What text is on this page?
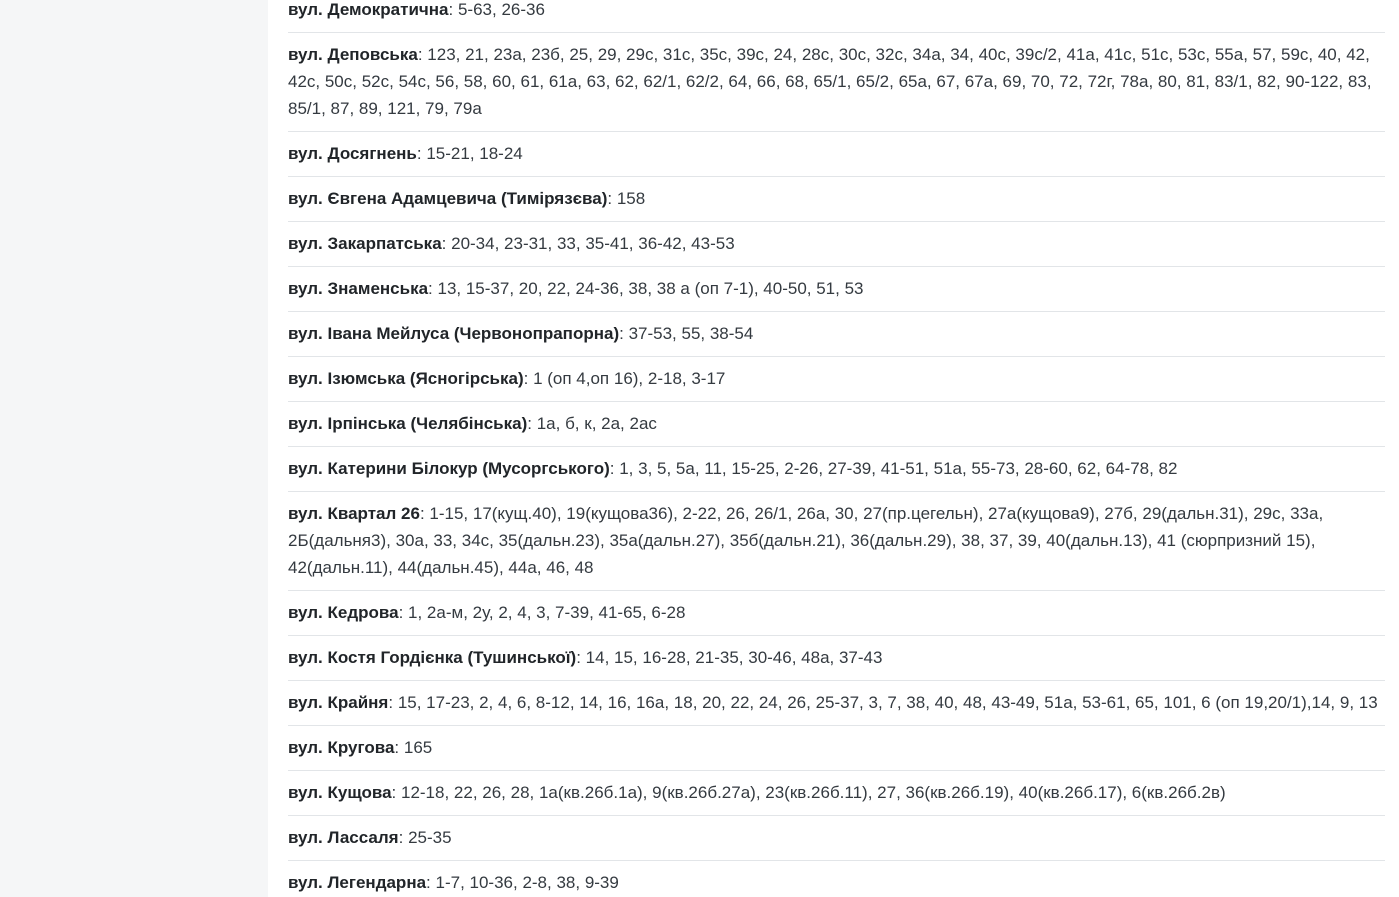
вул. Демократична: 5-63, 26-36
вул. Деповська: 123, 21, 23а, 23б, 25, 29, 29с, 31с, 35с, 39с, 24, 28с, 30с, 32с, 34а, 34, 40с, 39с/2, 41а, 41с, 51с, 53с, 55а, 57, 59с, 40, 42, 42с, 50с, 52с, 54с, 56, 58, 60, 61, 61а, 63, 62, 62/1, 62/2, 64, 66, 68, 65/1, 65/2, 65а, 67, 67а, 69, 70, 72, 72г, 78а, 80, 81, 83/1, 82, 90-122, 83, 85/1, 87, 89, 121, 79, 79а
вул. Досягнень: 15-21, 18-24
вул. Євгена Адамцевича (Тимірязєва): 158
вул. Закарпатська: 20-34, 23-31, 33, 35-41, 36-42, 43-53
вул. Знаменська: 13, 15-37, 20, 22, 24-36, 38, 38 а (оп 7-1), 40-50, 51, 53
вул. Івана Мейлуса (Червонопрапорна): 37-53, 55, 38-54
вул. Ізюмська (Ясногірська): 1 (оп 4,оп 16), 2-18, 3-17
вул. Ірпінська (Челябінська): 1а, б, к, 2а, 2ас
вул. Катерини Білокур (Мусоргського): 1, 3, 5, 5а, 11, 15-25, 2-26, 27-39, 41-51, 51а, 55-73, 28-60, 62, 64-78, 82
вул. Квартал 26: 1-15, 17(кущ.40), 19(кущова36), 2-22, 26, 26/1, 26а, 30, 27(пр.цегельн), 27а(кущова9), 27б, 29(дальн.31), 29с, 33а, 2Б(дальня3), 30а, 33, 34с, 35(дальн.23), 35а(дальн.27), 35б(дальн.21), 36(дальн.29), 38, 37, 39, 40(дальн.13), 41 (сюрпризний 15), 42(дальн.11), 44(дальн.45), 44а, 46, 48
вул. Кедрова: 1, 2а-м, 2у, 2, 4, 3, 7-39, 41-65, 6-28
вул. Костя Гордієнка (Тушинської): 14, 15, 16-28, 21-35, 30-46, 48а, 37-43
вул. Крайня: 15, 17-23, 2, 4, 6, 8-12, 14, 16, 16а, 18, 20, 22, 24, 26, 25-37, 3, 7, 38, 40, 48, 43-49, 51а, 53-61, 65, 101, 6 (оп 19,20/1),14, 9, 13
вул. Кругова: 165
вул. Кущова: 12-18, 22, 26, 28, 1а(кв.26б.1а), 9(кв.26б.27а), 23(кв.26б.11), 27, 36(кв.26б.19), 40(кв.26б.17), 6(кв.26б.2в)
вул. Лассаля: 25-35
вул. Легендарна: 1-7, 10-36, 2-8, 38, 9-39
